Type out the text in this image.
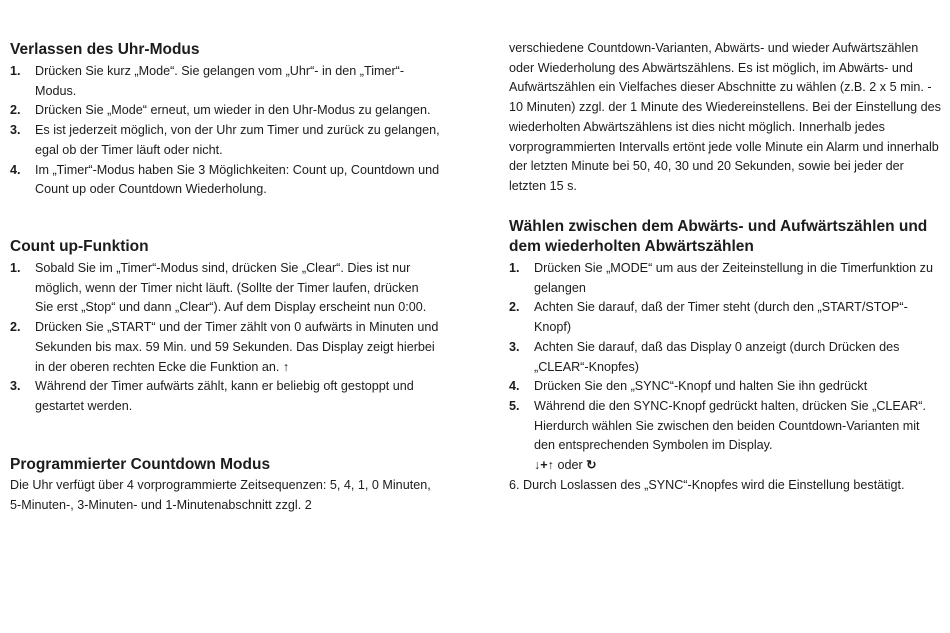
Verlassen des Uhr-Modus
1. Drücken Sie kurz „Mode“. Sie gelangen vom „Uhr“- in den „Timer“-Modus.
2. Drücken Sie „Mode“ erneut, um wieder in den Uhr-Modus zu gelangen.
3. Es ist jederzeit möglich, von der Uhr zum Timer und zurück zu gelangen, egal ob der Timer läuft oder nicht.
4. Im „Timer“-Modus haben Sie 3 Möglichkeiten: Count up, Countdown und Count up oder Countdown Wiederholung.
Count up-Funktion
1. Sobald Sie im „Timer“-Modus sind, drücken Sie „Clear“. Dies ist nur möglich, wenn der Timer nicht läuft. (Sollte der Timer laufen, drücken Sie erst „Stop“ und dann „Clear“). Auf dem Display erscheint nun 0:00.
2. Drücken Sie „START“ und der Timer zählt von 0 aufwärts in Minuten und Sekunden bis max. 59 Min. und 59 Sekunden. Das Display zeigt hierbei in der oberen rechten Ecke die Funktion an. ↑
3. Während der Timer aufwärts zählt, kann er beliebig oft gestoppt und gestartet werden.
Programmierter Countdown Modus
Die Uhr verfügt über 4 vorprogrammierte Zeitsequenzen: 5, 4, 1, 0 Minuten, 5-Minuten-, 3-Minuten- und 1-Minutenabschnitt zzgl. 2
verschiedene Countdown-Varianten, Abwärts- und wieder Aufwärtszählen oder Wiederholung des Abwärtszählens. Es ist möglich, im Abwärts- und Aufwärtszählen ein Vielfaches dieser Abschnitte zu wählen (z.B. 2 x 5 min. - 10 Minuten) zzgl. der 1 Minute des Wiedereinstellens. Bei der Einstellung des wiederholten Abwärtszählens ist dies nicht möglich. Innerhalb jedes vorprogrammierten Intervalls ertönt jede volle Minute ein Alarm und innerhalb der letzten Minute bei 50, 40, 30 und 20 Sekunden, sowie bei jeder der letzten 15 s.
Wählen zwischen dem Abwärts- und Aufwärtszählen und
dem wiederholten Abwärtszählen
1. Drücken Sie „MODE“ um aus der Zeiteinstellung in die Timerfunktion zu gelangen
2. Achten Sie darauf, daß der Timer steht (durch den „START/STOP“-Knopf)
3. Achten Sie darauf, daß das Display 0 anzeigt (durch Drücken des „CLEAR“-Knopfes)
4. Drücken Sie den „SYNC“-Knopf und halten Sie ihn gedrückt
5. Während die den SYNC-Knopf gedrückt halten, drücken Sie „CLEAR“. Hierdurch wählen Sie zwischen den beiden Countdown-Varianten mit den entsprechenden Symbolen im Display.
↓+↑ oder ↻
6. Durch Loslassen des „SYNC“-Knopfes wird die Einstellung bestätigt.
